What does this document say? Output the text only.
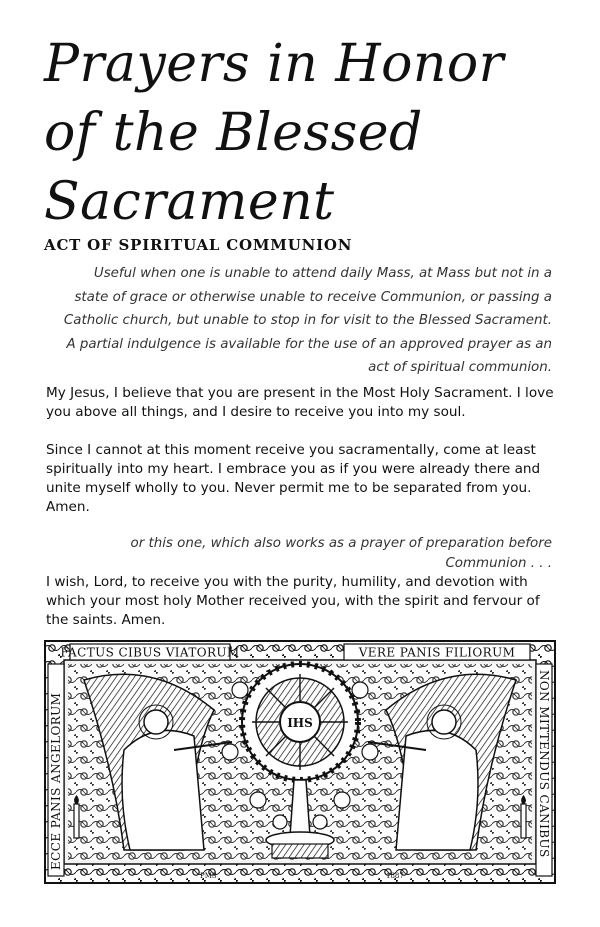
Prayers in Honor of the Blessed Sacrament
ACT OF SPIRITUAL COMMUNION

Useful when one is unable to attend daily Mass, at Mass but not in a state of grace or otherwise unable to receive Communion, or passing a Catholic church, but unable to stop in for visit to the Blessed Sacrament. A partial indulgence is available for the use of an approved prayer as an act of spiritual communion.

My Jesus, I believe that you are present in the Most Holy Sacrament. I love you above all things, and I desire to receive you into my soul.

Since I cannot at this moment receive you sacramentally, come at least spiritually into my heart. I embrace you as if you were already there and unite myself wholly to you. Never permit me to be separated from you. Amen.

or this one, which also works as a prayer of preparation before Communion . . .

I wish, Lord, to receive you with the purity, humility, and devotion with which your most holy Mother received you, with the spirit and fervour of the saints. Amen.

FACTUS CIBUS VIATORUM	VERE PANIS FILIORUM
ECCE PANIS ANGELORUM	NON MITTENDUS CANIBUS
IHS
PMS	1887
